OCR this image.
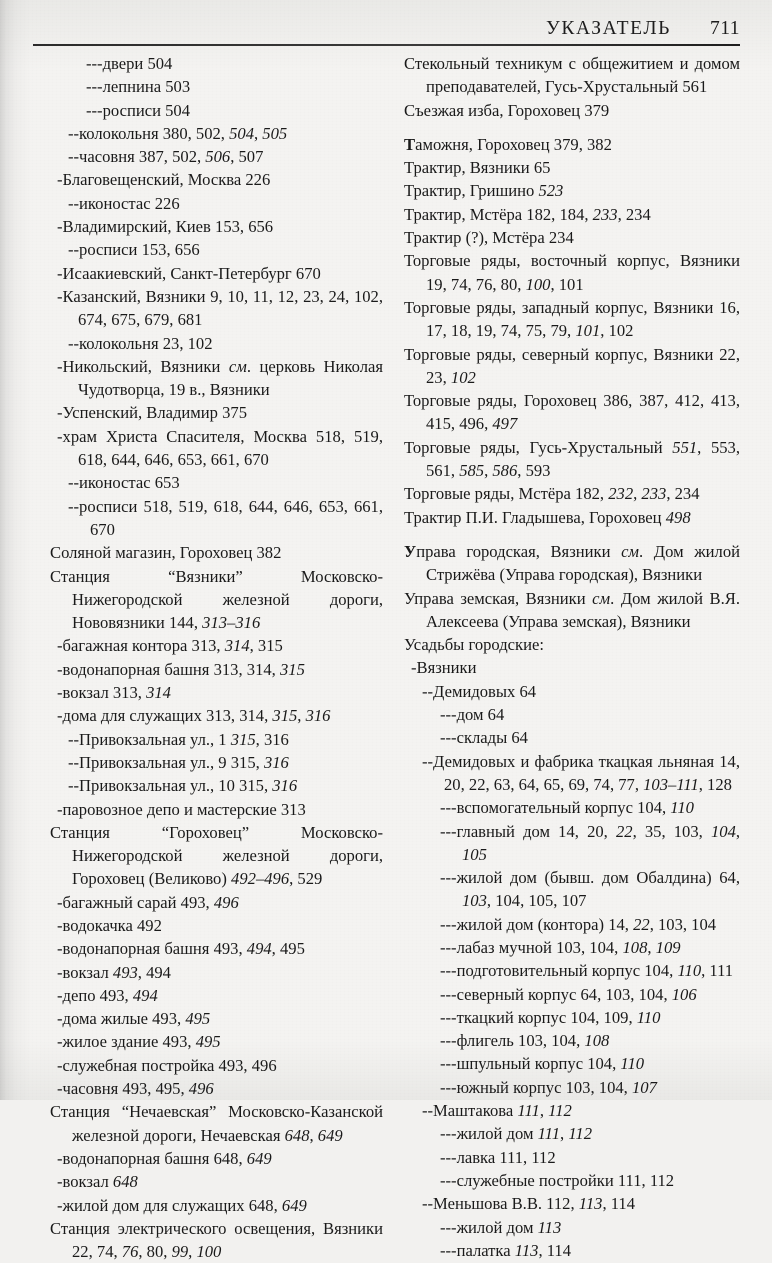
УКАЗАТЕЛЬ 711
---двери 504
---лепнина 503
---росписи 504
--колокольня 380, 502, 504, 505
--часовня 387, 502, 506, 507
-Благовещенский, Москва 226
--иконостас 226
-Владимирский, Киев 153, 656
--росписи 153, 656
-Исаакиевский, Санкт-Петербург 670
-Казанский, Вязники 9, 10, 11, 12, 23, 24, 102, 674, 675, 679, 681
--колокольня 23, 102
-Никольский, Вязники см. церковь Николая Чудотворца, 19 в., Вязники
-Успенский, Владимир 375
-храм Христа Спасителя, Москва 518, 519, 618, 644, 646, 653, 661, 670
--иконостас 653
--росписи 518, 519, 618, 644, 646, 653, 661, 670
Соляной магазин, Гороховец 382
Станция “Вязники” Московско-Нижегородской железной дороги, Нововязники 144, 313–316
-багажная контора 313, 314, 315
-водонапорная башня 313, 314, 315
-вокзал 313, 314
-дома для служащих 313, 314, 315, 316
--Привокзальная ул., 1 315, 316
--Привокзальная ул., 9 315, 316
--Привокзальная ул., 10 315, 316
-паровозное депо и мастерские 313
Станция “Гороховец” Московско-Нижегородской железной дороги, Гороховец (Великово) 492–496, 529
-багажный сарай 493, 496
-водокачка 492
-водонапорная башня 493, 494, 495
-вокзал 493, 494
-депо 493, 494
-дома жилые 493, 495
-жилое здание 493, 495
-служебная постройка 493, 496
-часовня 493, 495, 496
Станция “Нечаевская” Московско-Казанской железной дороги, Нечаевская 648, 649
-водонапорная башня 648, 649
-вокзал 648
-жилой дом для служащих 648, 649
Станция электрического освещения, Вязники 22, 74, 76, 80, 99, 100
Стекольный техникум с общежитием и домом преподавателей, Гусь-Хрустальный 561
Съезжая изба, Гороховец 379
Таможня, Гороховец 379, 382
Трактир, Вязники 65
Трактир, Гришино 523
Трактир, Мстёра 182, 184, 233, 234
Трактир (?), Мстёра 234
Торговые ряды, восточный корпус, Вязники 19, 74, 76, 80, 100, 101
Торговые ряды, западный корпус, Вязники 16, 17, 18, 19, 74, 75, 79, 101, 102
Торговые ряды, северный корпус, Вязники 22, 23, 102
Торговые ряды, Гороховец 386, 387, 412, 413, 415, 496, 497
Торговые ряды, Гусь-Хрустальный 551, 553, 561, 585, 586, 593
Торговые ряды, Мстёра 182, 232, 233, 234
Трактир П.И. Гладышева, Гороховец 498
Управа городская, Вязники см. Дом жилой Стрижёва (Управа городская), Вязники
Управа земская, Вязники см. Дом жилой В.Я. Алексеева (Управа земская), Вязники
Усадьбы городские:
-Вязники
--Демидовых 64
---дом 64
---склады 64
--Демидовых и фабрика ткацкая льняная 14, 20, 22, 63, 64, 65, 69, 74, 77, 103–111, 128
---вспомогательный корпус 104, 110
---главный дом 14, 20, 22, 35, 103, 104, 105
---жилой дом (бывш. дом Обалдина) 64, 103, 104, 105, 107
---жилой дом (контора) 14, 22, 103, 104
---лабаз мучной 103, 104, 108, 109
---подготовительный корпус 104, 110, 111
---северный корпус 64, 103, 104, 106
---ткацкий корпус 104, 109, 110
---флигель 103, 104, 108
---шпульный корпус 104, 110
---южный корпус 103, 104, 107
--Маштакова 111, 112
---жилой дом 111, 112
---лавка 111, 112
---служебные постройки 111, 112
--Меньшова В.В. 112, 113, 114
---жилой дом 113
---палатка 113, 114
